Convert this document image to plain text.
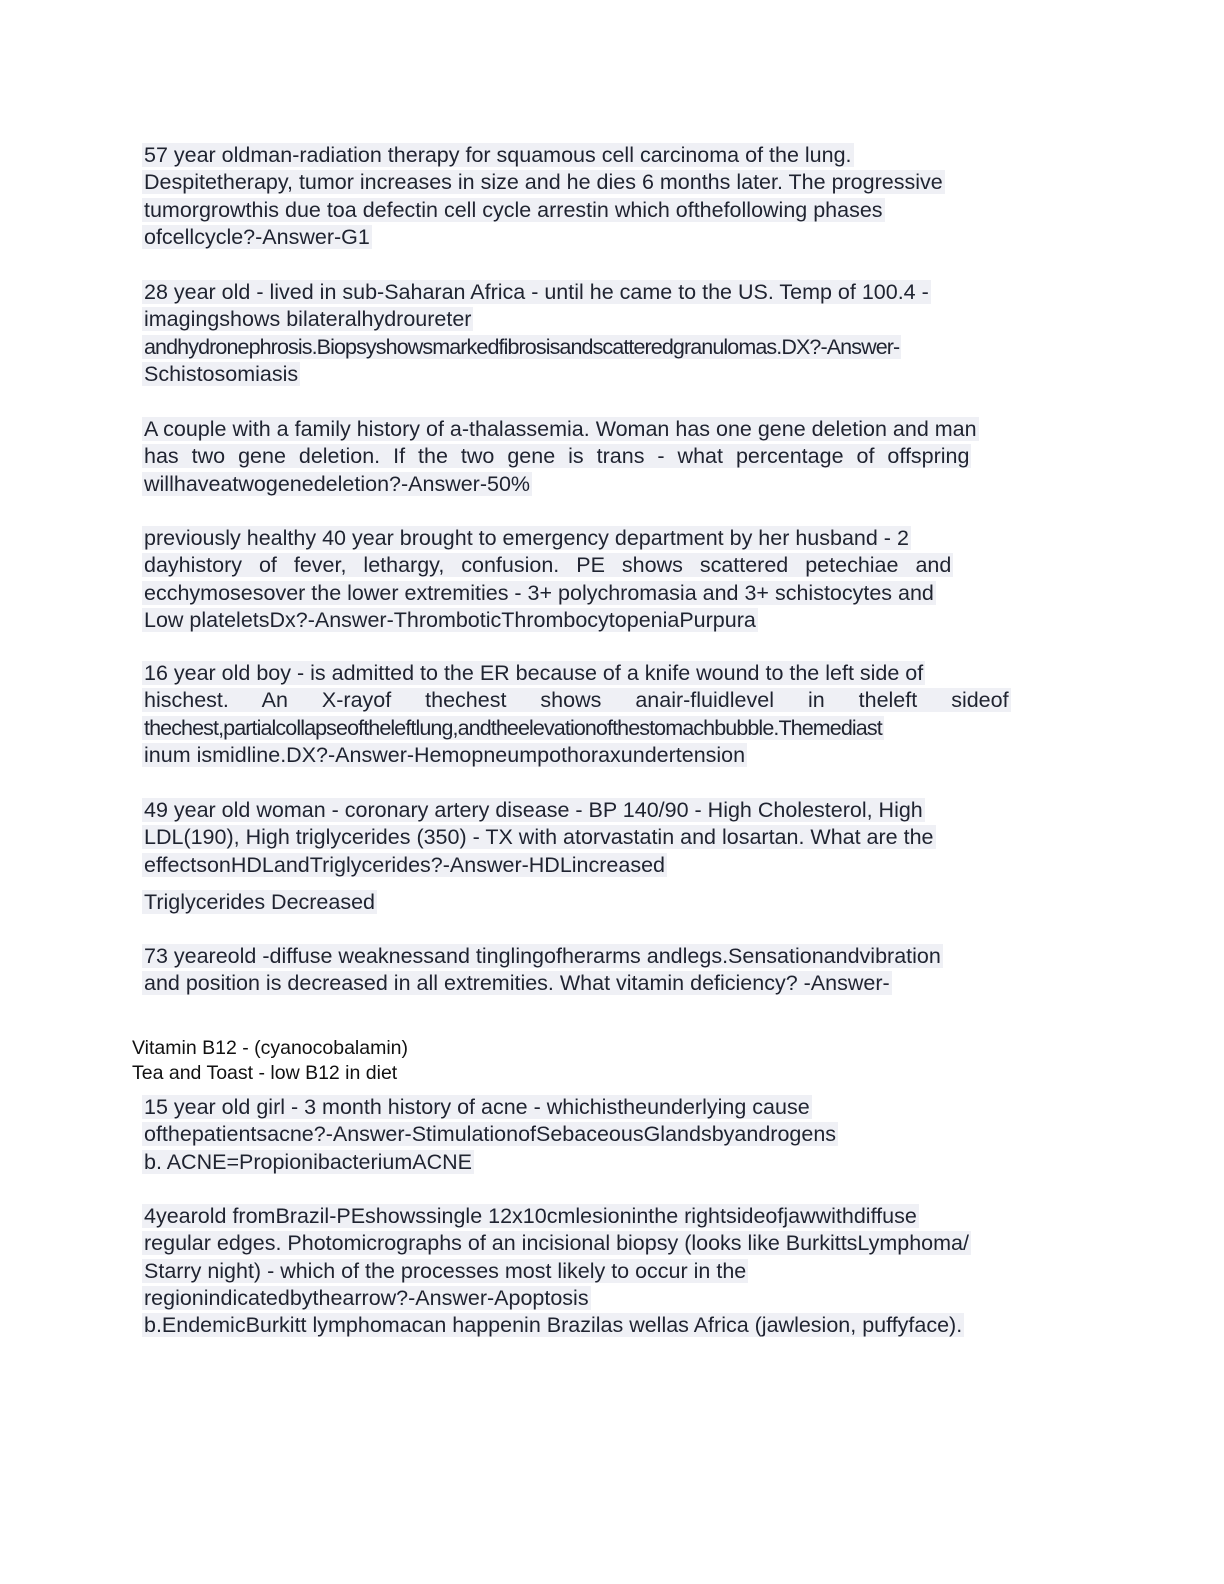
57 year oldman-radiation therapy for squamous cell carcinoma of the lung.
Despitetherapy, tumor increases in size and he dies 6 months later. The progressive
tumorgrowthis due toa defectin cell cycle arrestin which ofthefollowing phases
ofcellcycle?-Answer-G1
28 year old - lived in sub-Saharan Africa - until he came to the US. Temp of 100.4 -
imagingshows bilateralhydroureter
andhydronephrosis.Biopsyshowsmarkedfibrosisandscatteredgranulomas.DX?-Answer-
Schistosomiasis
A couple with a family history of a-thalassemia. Woman has one gene deletion and man
has two gene deletion. If the two gene is trans - what percentage of offspring
willhaveatwogenedeletion?-Answer-50%
previously healthy 40 year brought to emergency department by her husband - 2
dayhistory of fever, lethargy, confusion. PE shows scattered petechiae and
ecchymosesover the lower extremities - 3+ polychromasia and 3+ schistocytes and
Low plateletsDx?-Answer-ThromboticThrombocytopeniaPurpura
16 year old boy - is admitted to the ER because of a knife wound to the left side of
hischest. An X-rayof thechest shows anair-fluidlevel in theleft sideof
thechest,partialcollapseoftheleftlung,andtheelevationofthestomachbubble.Themediast
inum ismidline.DX?-Answer-Hemopneumpothoraxundertension
49 year old woman - coronary artery disease - BP 140/90 - High Cholesterol, High
LDL(190), High triglycerides (350) - TX with atorvastatin and losartan. What are the
effectsonHDLandTriglycerides?-Answer-HDLincreased
Triglycerides Decreased
73 yeareold -diffuse weaknessand tinglingofherarms andlegs.Sensationandvibration
and position is decreased in all extremities. What vitamin deficiency? -Answer-
Vitamin B12 - (cyanocobalamin)
Tea and Toast - low B12 in diet
15 year old girl - 3 month history of acne - whichistheunderlying cause
ofthepatientsacne?-Answer-StimulationofSebaceousGlandsbyandrogens
b. ACNE=PropionibacteriumACNE
4yearold fromBrazil-PEshowssingle 12x10cmlesioninthe rightsideofjawwithdiffuse
regular edges. Photomicrographs of an incisional biopsy (looks like BurkittsLymphoma/
Starry night) - which of the processes most likely to occur in the
regionindicatedbythearrow?-Answer-Apoptosis
b.EndemicBurkitt lymphomacan happenin Brazilas wellas Africa (jawlesion, puffyface).
